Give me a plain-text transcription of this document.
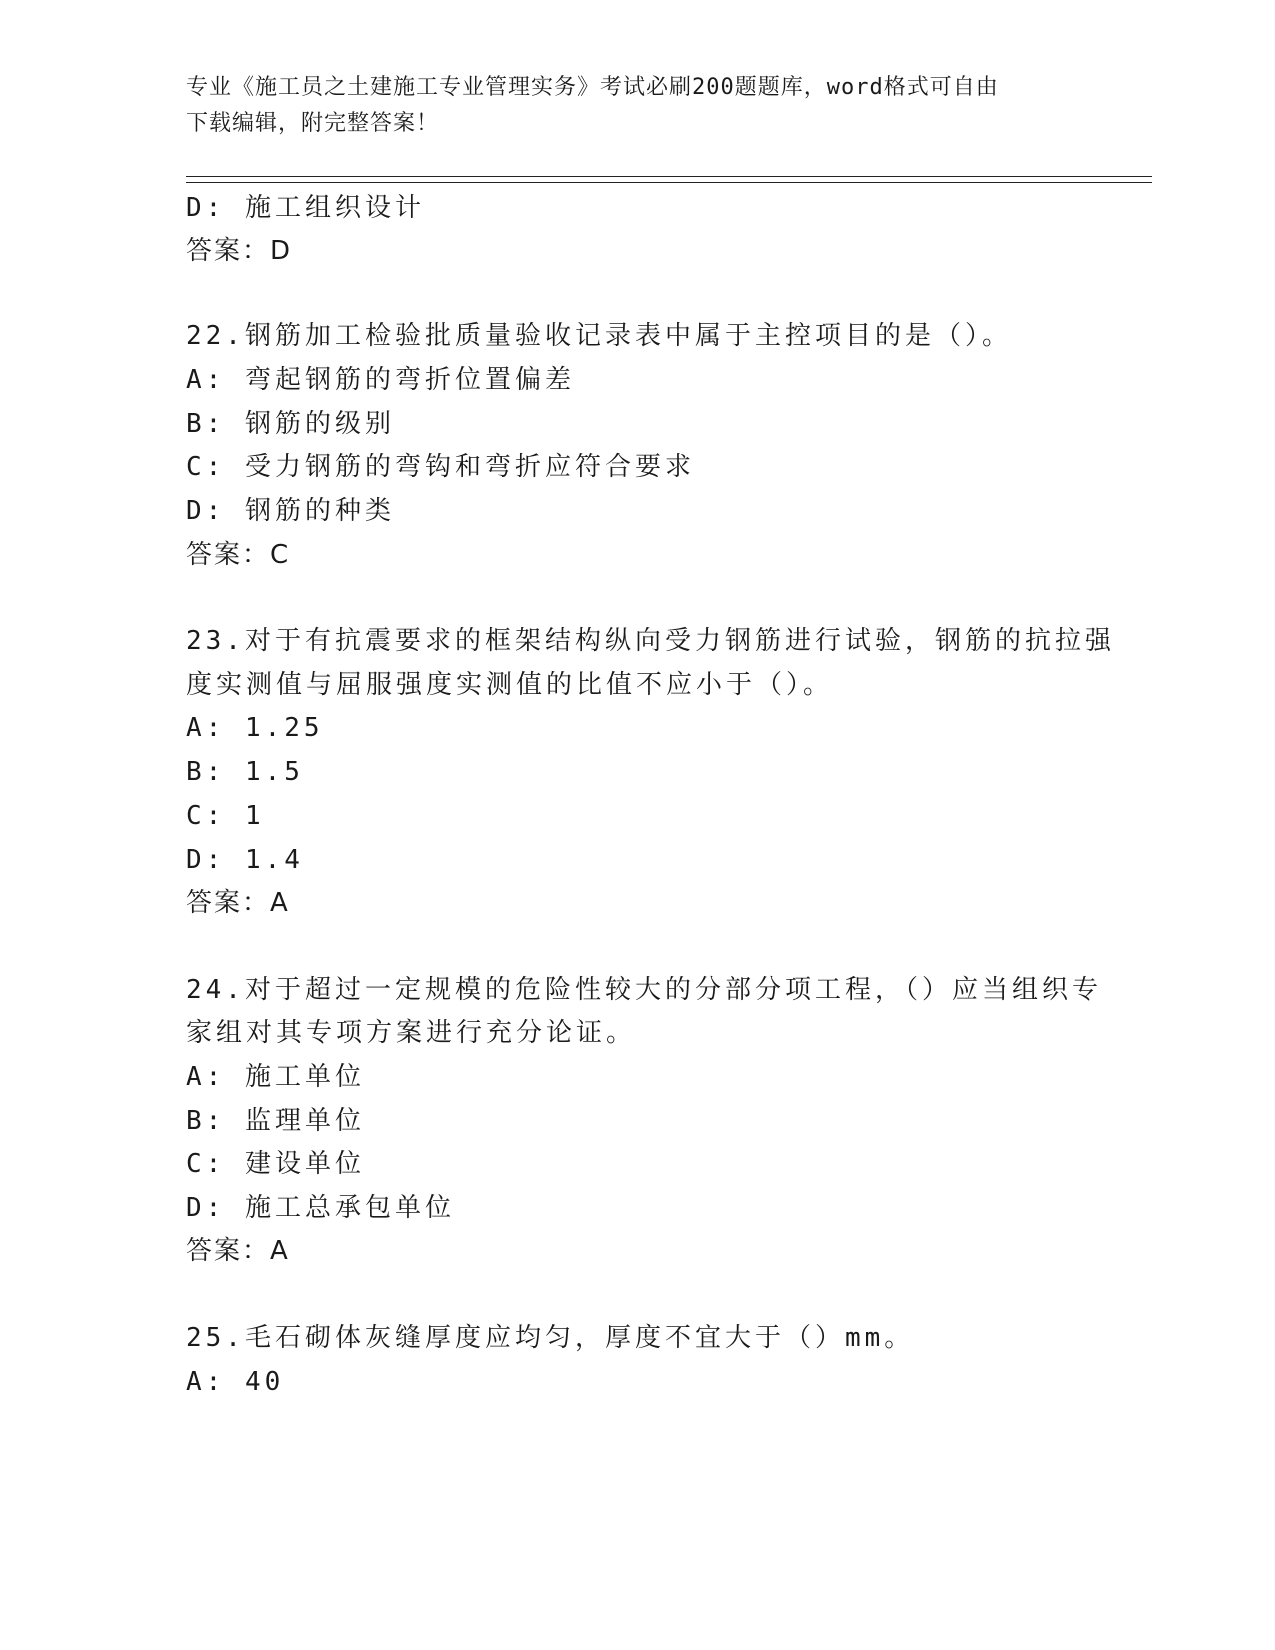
专业《施工员之土建施工专业管理实务》考试必刷200题题库，word格式可自由
下载编辑，附完整答案！
D: 施工组织设计
答案：D
22.钢筋加工检验批质量验收记录表中属于主控项目的是（）。
A: 弯起钢筋的弯折位置偏差
B: 钢筋的级别
C: 受力钢筋的弯钩和弯折应符合要求
D: 钢筋的种类
答案：C
23.对于有抗震要求的框架结构纵向受力钢筋进行试验，钢筋的抗拉强
度实测值与屈服强度实测值的比值不应小于（）。
A: 1.25
B: 1.5
C: 1
D: 1.4
答案：A
24.对于超过一定规模的危险性较大的分部分项工程，（）应当组织专
家组对其专项方案进行充分论证。
A: 施工单位
B: 监理单位
C: 建设单位
D: 施工总承包单位
答案：A
25.毛石砌体灰缝厚度应均匀，厚度不宜大于（）mm。
A: 40
